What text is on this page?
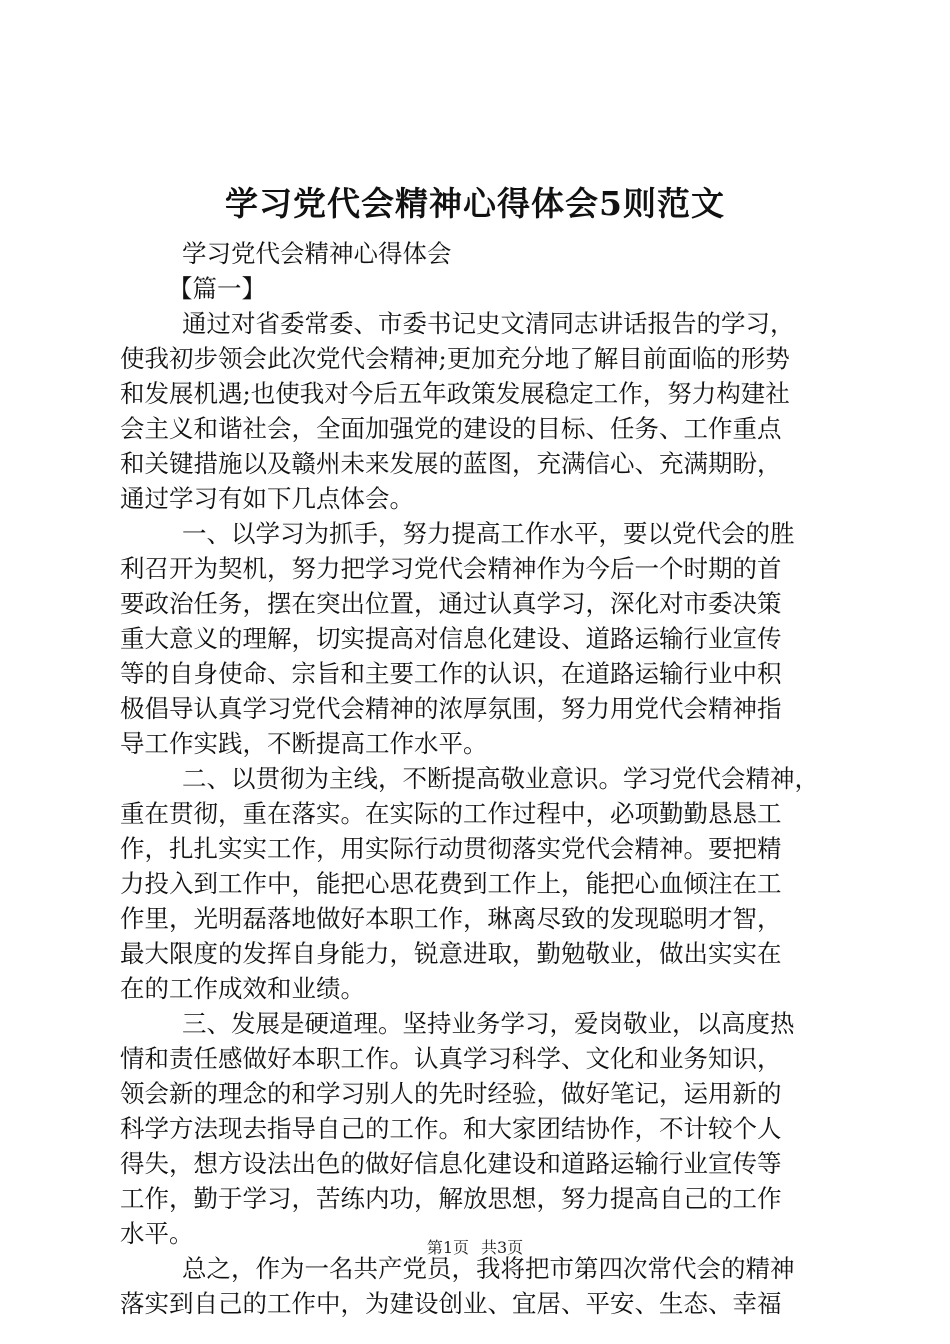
学习党代会精神心得体会5则范文
学习党代会精神心得体会
【篇一】
通过对省委常委、市委书记史文清同志讲话报告的学习，
使我初步领会此次党代会精神;更加充分地了解目前面临的形势
和发展机遇;也使我对今后五年政策发展稳定工作，努力构建社
会主义和谐社会，全面加强党的建设的目标、任务、工作重点
和关键措施以及赣州未来发展的蓝图，充满信心、充满期盼，
通过学习有如下几点体会。
一、以学习为抓手，努力提高工作水平，要以党代会的胜
利召开为契机，努力把学习党代会精神作为今后一个时期的首
要政治任务，摆在突出位置，通过认真学习，深化对市委决策
重大意义的理解，切实提高对信息化建设、道路运输行业宣传
等的自身使命、宗旨和主要工作的认识，在道路运输行业中积
极倡导认真学习党代会精神的浓厚氛围，努力用党代会精神指
导工作实践，不断提高工作水平。
二、以贯彻为主线，不断提高敬业意识。学习党代会精神，
重在贯彻，重在落实。在实际的工作过程中，必项勤勤恳恳工
作，扎扎实实工作，用实际行动贯彻落实党代会精神。要把精
力投入到工作中，能把心思花费到工作上，能把心血倾注在工
作里，光明磊落地做好本职工作，琳离尽致的发现聪明才智，
最大限度的发挥自身能力，锐意进取，勤勉敬业，做出实实在
在的工作成效和业绩。
三、发展是硬道理。坚持业务学习，爱岗敬业，以高度热
情和责任感做好本职工作。认真学习科学、文化和业务知识，
领会新的理念的和学习别人的先时经验，做好笔记，运用新的
科学方法现去指导自己的工作。和大家团结协作，不计较个人
得失，想方设法出色的做好信息化建设和道路运输行业宣传等
工作，勤于学习，苦练内功，解放思想，努力提高自己的工作
水平。
总之，作为一名共产党员，我将把市第四次常代会的精神
落实到自己的工作中，为建设创业、宜居、平安、生态、幸福
第1页 共3页
